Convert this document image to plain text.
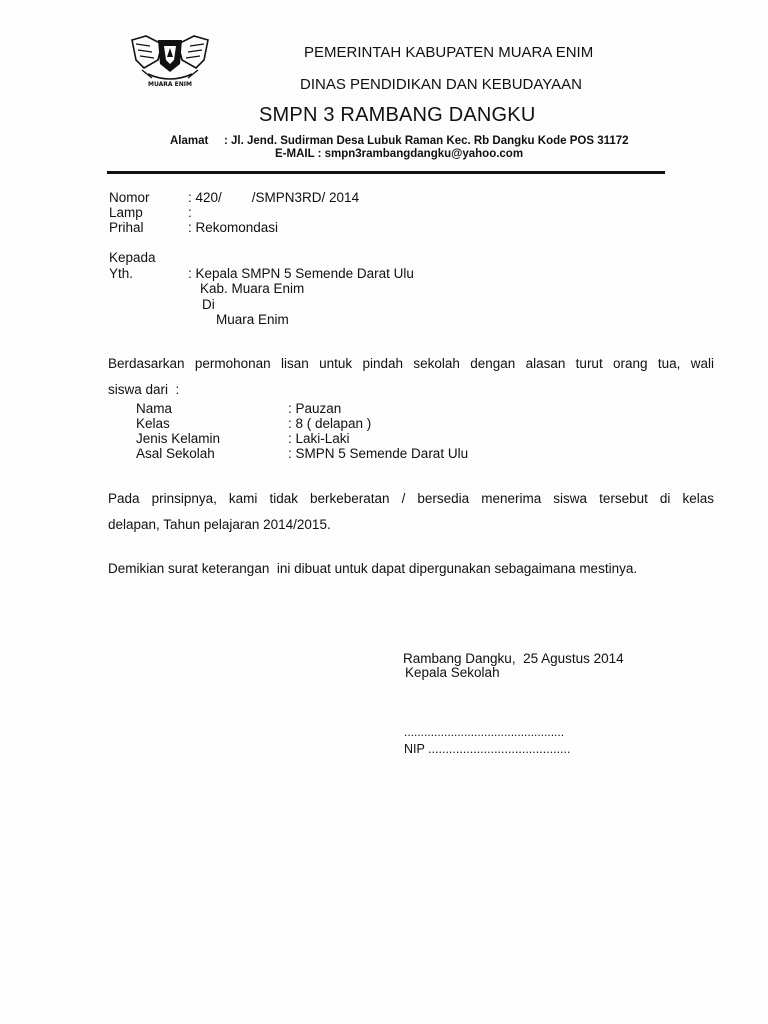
MUARA ENIM
PEMERINTAH KABUPATEN MUARA ENIM
DINAS PENDIDIKAN DAN KEBUDAYAAN
SMPN 3 RAMBANG DANGKU
Alamat : Jl. Jend. Sudirman Desa Lubuk Raman Kec. Rb Dangku Kode POS 31172
E-MAIL : smpn3rambangdangku@yahoo.com
Nomor	: 420/        /SMPN3RD/ 2014
Lamp	:
Prihal	: Rekomondasi
Kepada
Yth.	: Kepala SMPN 5 Semende Darat Ulu
Kab. Muara Enim
Di
Muara Enim
Berdasarkan permohonan lisan untuk pindah sekolah dengan alasan turut orang tua, wali
siswa dari  :
Nama	: Pauzan
Kelas	: 8 ( delapan )
Jenis Kelamin	: Laki-Laki
Asal Sekolah	: SMPN 5 Semende Darat Ulu
Pada prinsipnya, kami tidak berkeberatan / bersedia menerima siswa tersebut di kelas
delapan, Tahun pelajaran 2014/2015.
Demikian surat keterangan  ini dibuat untuk dapat dipergunakan sebagaimana mestinya.
Rambang Dangku,  25 Agustus 2014
Kepala Sekolah
................................................
NIP .........................................
